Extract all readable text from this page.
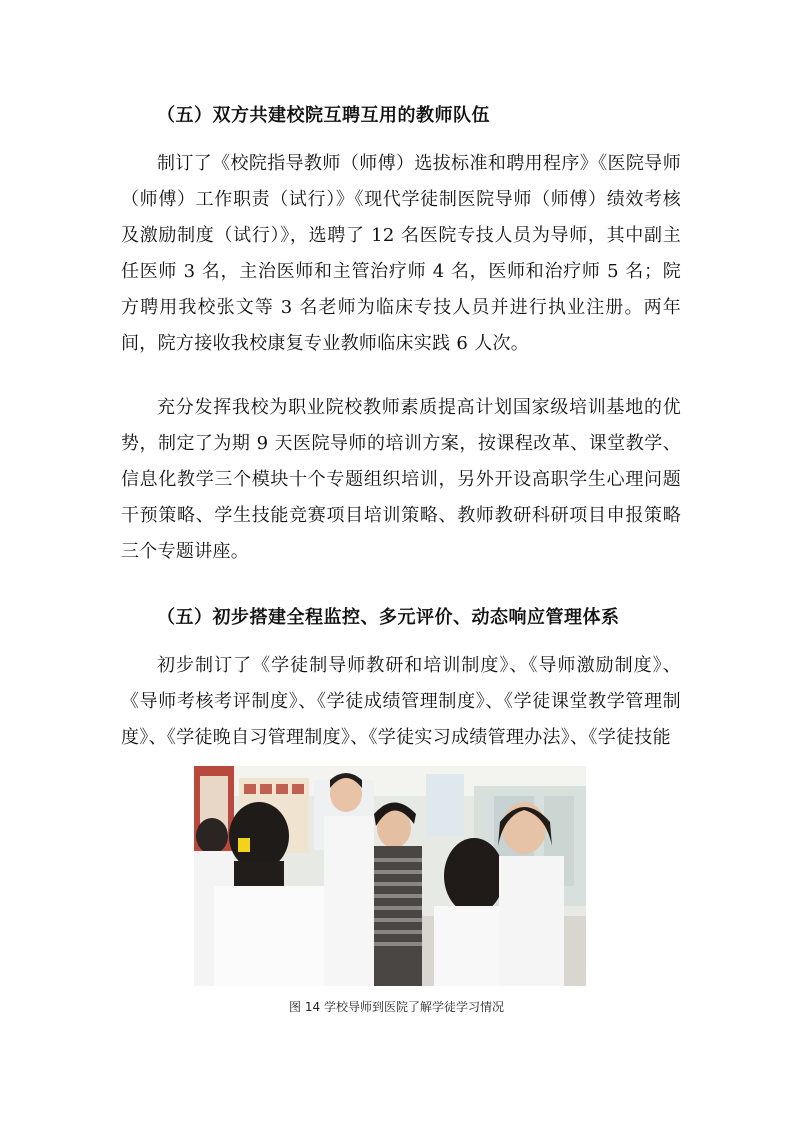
（五）双方共建校院互聘互用的教师队伍

制订了《校院指导教师（师傅）选拔标准和聘用程序》《医院导师（师傅）工作职责（试行）》《现代学徒制医院导师（师傅）绩效考核及激励制度（试行）》，选聘了 12 名医院专技人员为导师，其中副主任医师 3 名，主治医师和主管治疗师 4 名，医师和治疗师 5 名；院方聘用我校张文等 3 名老师为临床专技人员并进行执业注册。两年间，院方接收我校康复专业教师临床实践 6 人次。

充分发挥我校为职业院校教师素质提高计划国家级培训基地的优势，制定了为期 9 天医院导师的培训方案，按课程改革、课堂教学、信息化教学三个模块十个专题组织培训，另外开设高职学生心理问题干预策略、学生技能竞赛项目培训策略、教师教研科研项目申报策略三个专题讲座。

（五）初步搭建全程监控、多元评价、动态响应管理体系

初步制订了《学徒制导师教研和培训制度》、《导师激励制度》、《导师考核考评制度》、《学徒成绩管理制度》、《学徒课堂教学管理制度》、《学徒晚自习管理制度》、《学徒实习成绩管理办法》、《学徒技能

图 14 学校导师到医院了解学徒学习情况
